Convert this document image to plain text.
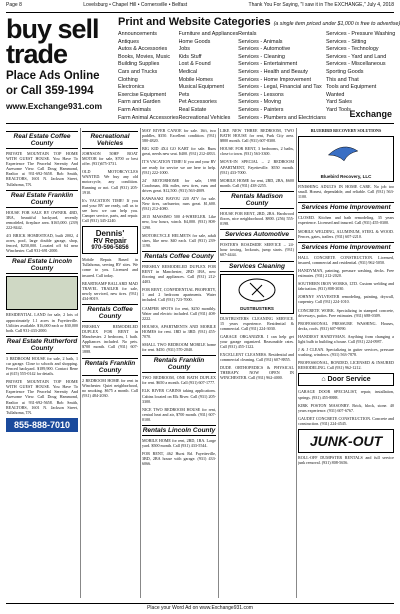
Page 8	Lovelsburg • Chapel Hill • Cornersville • Belfast	Thank You For Saying, "I saw it in The EXCHANGE," July 4, 2018
buy sell
trade
Place Ads Online
or Call 359-1994
www.Exchange931.com
Print and Website Categories (a single item priced under $1,000 is free to advertise)
Announcements
Antiques
Autos & Accessories
Books, Movies, Music
Building Supplies
Cars and Trucks
Clothing
Electronics
Exercise Equipment
Farm and Garden
Farm Animals
Farm Animal Accessories
Furniture and Appliances
Home Goods
Jobs
Kids Stuff
Lost & Found
Medical
Mobile Homes
Musical Equipment
Pets
Pet Accessories
Real Estate
Recreational Vehicles
Rentals
Services - Animals
Services - Automotive
Services - Cleaning
Services - Entertainment
Services - Health and Beauty
Services - Home Improvement
Services - Legal, Financial and Tax
Services - Lessons
Services - Moving
Services - Painters
Services - Plumbers and Electricians
Services - Pressure Washing
Services - Sitting
Services - Technology
Services - Yard and Land
Services - Miscellaneous
Sporting Goods
This and That
Tools and Equipment
Wanted
Yard Sales
Yard Tools
Exchange
Real Estate Coffee County
PRIVATE MOUNTAIN TOP HOME WITH GUEST HOUSE. You Have To Experience The Peaceful Serenity And Awesome View. Call Doug Hammond, Realtor at 931-692-5658. Bob Smith, REALTORS, 1601 N. Jackson Street, Tullahoma, TN.
Real Estate Franklin County
HOUSE FOR SALE BY OWNER. 4BD, 3BA, beautiful backyard, recently remodeled, fireplace area. $165,000. (239) 222-8442.
4/3 BRICK HOMESTEAD, built 2002, 4 acres, pool, large double garage, shop, fenced, $250,000. Located off 64 near Winchester. Call 931-691-2000.
Real Estate Lincoln County
RESIDENTIAL LAND for sale, 2 lots of approximately 1.1 acres in Fayetteville. Utilities available. $16,000 each or $30,000 both. Call 931-433-2000.
Real Estate Rutherford County
3 BEDROOM HOUSE for sale, 2 bath, 1 car garage. Close to schools and shopping. Fenced backyard. $189,900. Contact Rene at (615) 555-0142 for details.
PRIVATE MOUNTAIN TOP HOME WITH GUEST HOUSE. You Have To Experience The Peaceful Serenity And Awesome View. Call Doug Hammond, Realtor at 931-692-5658. Bob Smith, REALTORS, 1601 N. Jackson Street, Tullahoma, TN.
855-888-7010
Recreational Vehicles
JOHNSON 50HP BOAT MOTOR for sale, $700 or best offer. (931)675-3731.
OLD MOTORCYCLES WANTED. We buy any old motorcycle, any condition. Running or not. Call (931) 205-1910.
It's VACATION TIME! If you and your RV are ready, call us to see how we can help you. Camper service, parts, and repair. Call (931) 345-2240.
Dennis'
RV Repair
970-596-5856
Mobile Repair. Based in Tullahoma, serving RV sites. We come to you. Licensed and insured. Call today.
BEARTRAMP BALLARD MAD TRAVEL TRAILER for sale, newly serviced, new tires. (931) 434-8019.
Rentals Coffee County
FRESHLY REMODELED DUPLEX FOR RENT in Manchester. 2 bedroom, 1 bath. Appliances included. No pets. $700 month. Call (931) 607-1888.
Rentals Franklin County
2 BEDROOM HOME for rent in Winchester. Quiet neighborhood, no smoking. $675 a month. Call (931) 484-2030.
MAY RIVER CANOE for sale. 16ft, two paddles, $350. Excellent condition. (931) 580-4820.
BIG KID 4X4 GO KART for sale. Runs great, needs new seat. $400. (931) 212-4833.
IT'S VACATION TIME! If you and your RV are ready for service we are here to help. (931) 222-1000.
24' MOTORHOME for sale, 1998 Coachman, 46k miles, new tires, runs and drives great. $12,500. (931) 563-4009.
KAWASAKI BAYOU 220 ATV for sale. New tires, carburetor, runs great. $1,600. (931) 212-4080.
2015 MASSIMO 500 4-WHEELER. Like new, low hours, winch. $4,000. (931) 808-1290.
MOTORCYCLE HELMETS for sale, adult sizes, like new. $40 each. Call (931) 239-1190.
Rentals Coffee County
FRESHLY REMODELED DUPLEX FOR RENT in Manchester, 2BD 1BA, new flooring and appliances. Call (931) 212-4403.
FOR RENT, CONFIDENTIAL PROPERTY, 1 and 2 bedroom apartments. Water included. Call (931) 723-7000.
CAMPER SPOTS for rent, $250 monthly. Water and electric included. Call (931) 408-2222.
HOUSES, APARTMENTS AND MOBILE HOMES for rent. 1BD to 3BD. (931) 455-7070.
SMALL TWO BEDROOM MOBILE home for rent. $450. (931) 570-2040.
Rentals Franklin County
TWO BEDROOM, ONE BATH DUPLEX for rent. $650 a month. Call (931) 607-1777.
ELK RIVER CABINS taking applications. Cabins located on Elk River. Call (931) 205-3300.
NICE TWO BEDROOM HOUSE for rent, central heat and air, $700 month. (931) 607-0100.
Rentals Lincoln County
MOBILE HOME for rent, 2BD, 1BA. Large yard. $500 month. Call (931) 433-5544.
FOR RENT, 462 Hurst Rd. Fayetteville, 3BD, 2BA house with garage. (931) 433-6066.
LIKE NEW THREE BEDROOM, TWO BATH HOUSE for rent, Park City area. $800 month. Call (931) 607-8300.
HOUSE FOR RENT, 3 bedrooms, 2 baths, close to town. (931) 563-3300.
MOVE-IN SPECIAL – 2 BEDROOM APARTMENT, Fayetteville. $550 month. (931) 433-7000.
MOBILE HOME for rent, 2BD, 2BA, $600 month. Call (931) 438-2255.
Rentals Madison County
HOUSE FOR RENT, 2BD, 2BA. Hardwood floors, nice neighborhood. $800. (256) 555-0198.
Services Automotive
FOSTER'S ROADSIDE SERVICE – 24-hour towing, lockouts, jump starts. (931) 607-4444.
Services Cleaning
DUSTBUSTERS
DUSTBUSTERS CLEANING SERVICE. 15 years experience. Residential & commercial. Call (931) 224-3030.
GARAGE ORGANIZER. I can help get your garage organized. Reasonable rates. Call (931) 455-1122.
EXCELLENT CLEANERS. Residential and commercial cleaning. Call (931) 607-8855.
DUDE ORTHOPEDICS & PHYSICAL THERAPY. NOW OPEN IN WINCHESTER. Call (931) 962-4000.
BLUEBIRD RECOVERY SOLUTIONS
Bluebird Recovery, LLC
FINISHING ADULTS IN HOME CARE. No job too small. Honest, dependable, and reliable. Call (931) 563-1100.
Services Home Improvement
CLOSED. Kitchen and bath remodeling. 35 years experience. Licensed and insured. Call (931) 455-0300.
MOBILE WELDING, ALUMINUM, STEEL & WOOD. Fences, gates, trailers. (931) 607-2210.
Services Home Improvement
HALL CONCRETE CONSTRUCTION. Licensed, insured, commercial and residential. (931) 962-5050.
HANDYMAN, painting, pressure washing, decks. Free estimates. (931) 212-2020.
SOUTHERN IRON WORKS, LTD. Custom welding and fabrication. (931) 808-3030.
JOHNNY SYLVESTER remodeling, painting, drywall, carpentry. Call (931) 224-1010.
CONCRETE WORK. Specializing in stamped concrete, driveways, patios. Free estimates. (931) 688-0309.
PROFESSIONAL PRESSURE WASHING. Houses, decks, roofs. (931) 607-9090.
HANDIEST HANDYMAN. Anything from changing a light bulb to building a house. Call (931) 224-0987.
J & J CLEAN. Specializing in gutter services, pressure washing, windows. (931) 563-7878.
PROFESSIONAL, BONDED, LICENSED & INSURED REMODELING. Call (931) 962-1212.
⌂ Door Service
GARAGE DOOR SPECIALIST, repair, installation, springs. (931) 455-8888.
KIRK POSTON MASONRY. Brick, block, stone. 40 years experience. (931) 607-6767.
GAUDET CONCRETE CONSTRUCTION. Concrete and construction. (931) 224-4545.
JUNK-OUT
ROLL-OFF DUMPSTER RENTALS and full service junk removal. (931) 808-5656.
Place your Word Ad on www.Exchange931.com
